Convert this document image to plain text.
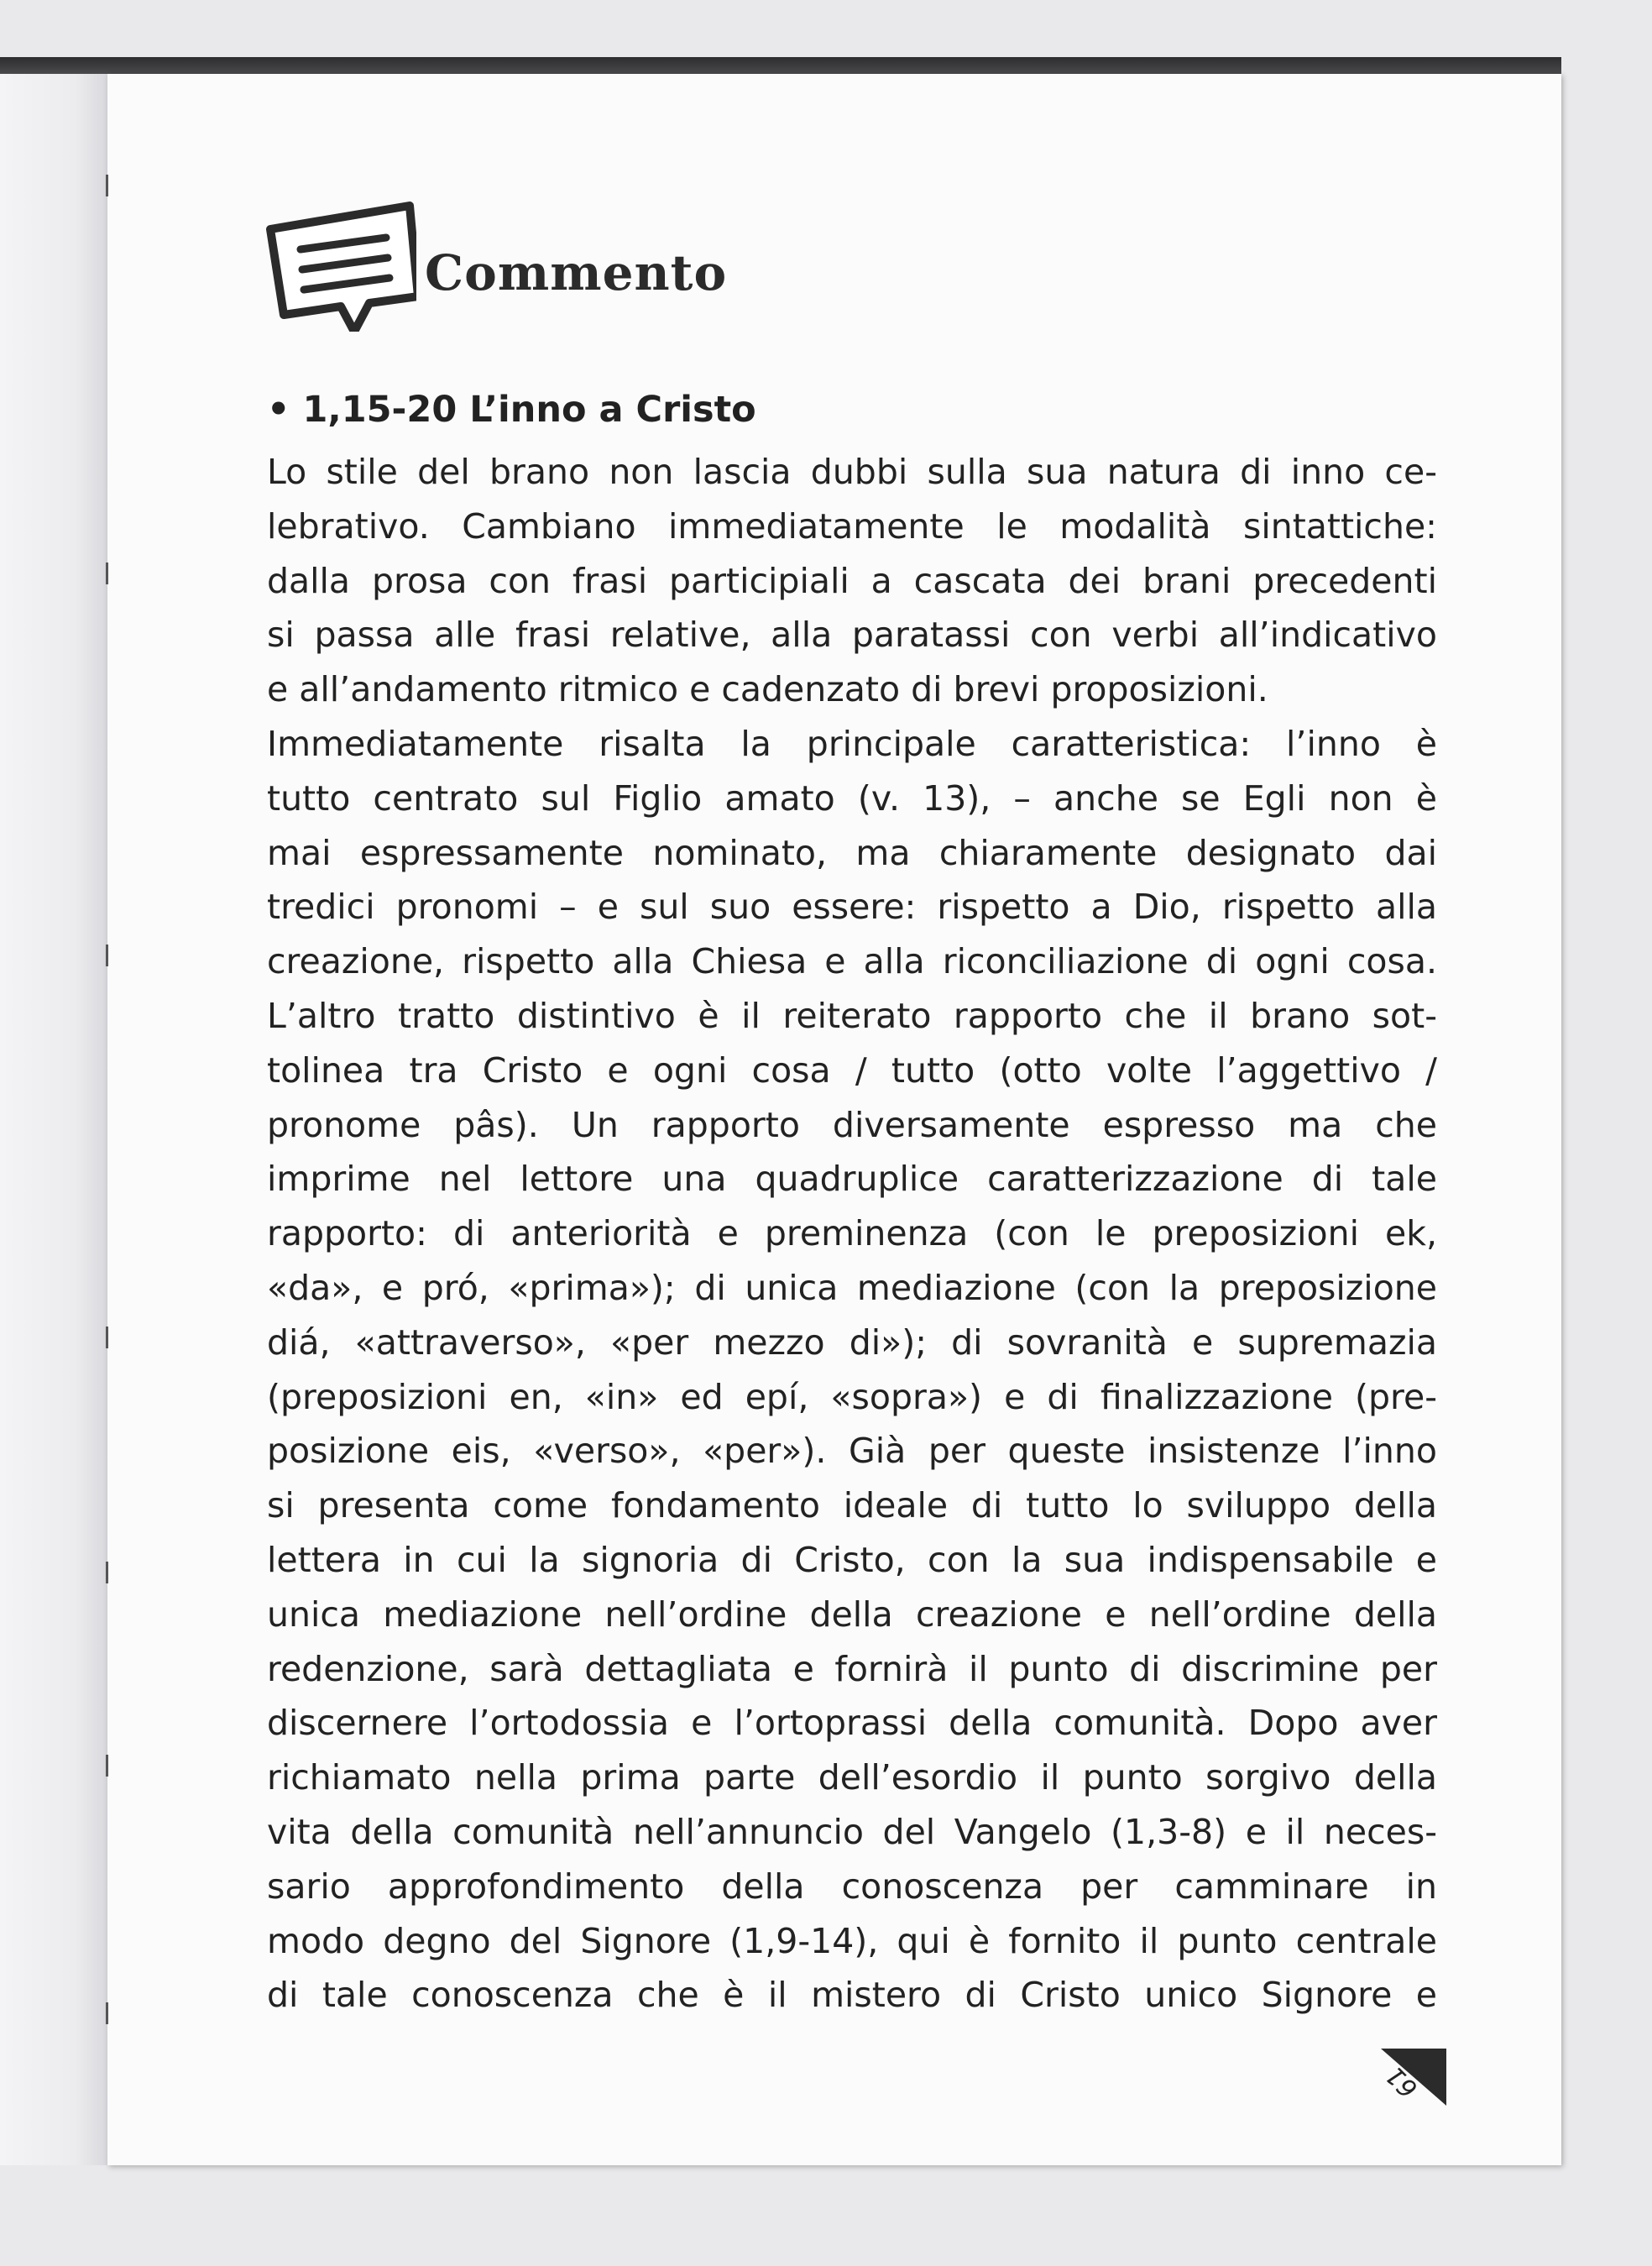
Commento
• 1,15-20 L’inno a Cristo

Lo stile del brano non lascia dubbi sulla sua natura di inno ce-

lebrativo. Cambiano immediatamente le modalità sintattiche:

dalla prosa con frasi participiali a cascata dei brani precedenti

si passa alle frasi relative, alla paratassi con verbi all’indicativo

e all’andamento ritmico e cadenzato di brevi proposizioni.

Immediatamente risalta la principale caratteristica: l’inno è

tutto centrato sul Figlio amato (v. 13), – anche se Egli non è

mai espressamente nominato, ma chiaramente designato dai

tredici pronomi – e sul suo essere: rispetto a Dio, rispetto alla

creazione, rispetto alla Chiesa e alla riconciliazione di ogni cosa.

L’altro tratto distintivo è il reiterato rapporto che il brano sot-

tolinea tra Cristo e ogni cosa / tutto (otto volte l’aggettivo /

pronome pâs). Un rapporto diversamente espresso ma che

imprime nel lettore una quadruplice caratterizzazione di tale

rapporto: di anteriorità e preminenza (con le preposizioni ek,

«da», e pró, «prima»); di unica mediazione (con la preposizione

diá, «attraverso», «per mezzo di»); di sovranità e supremazia

(preposizioni en, «in» ed epí, «sopra») e di finalizzazione (pre-

posizione eis, «verso», «per»). Già per queste insistenze l’inno

si presenta come fondamento ideale di tutto lo sviluppo della

lettera in cui la signoria di Cristo, con la sua indispensabile e

unica mediazione nell’ordine della creazione e nell’ordine della

redenzione, sarà dettagliata e fornirà il punto di discrimine per

discernere l’ortodossia e l’ortoprassi della comunità. Dopo aver

richiamato nella prima parte dell’esordio il punto sorgivo della

vita della comunità nell’annuncio del Vangelo (1,3-8) e il neces-

sario approfondimento della conoscenza per camminare in

modo degno del Signore (1,9-14), qui è fornito il punto centrale

di tale conoscenza che è il mistero di Cristo unico Signore e

61
